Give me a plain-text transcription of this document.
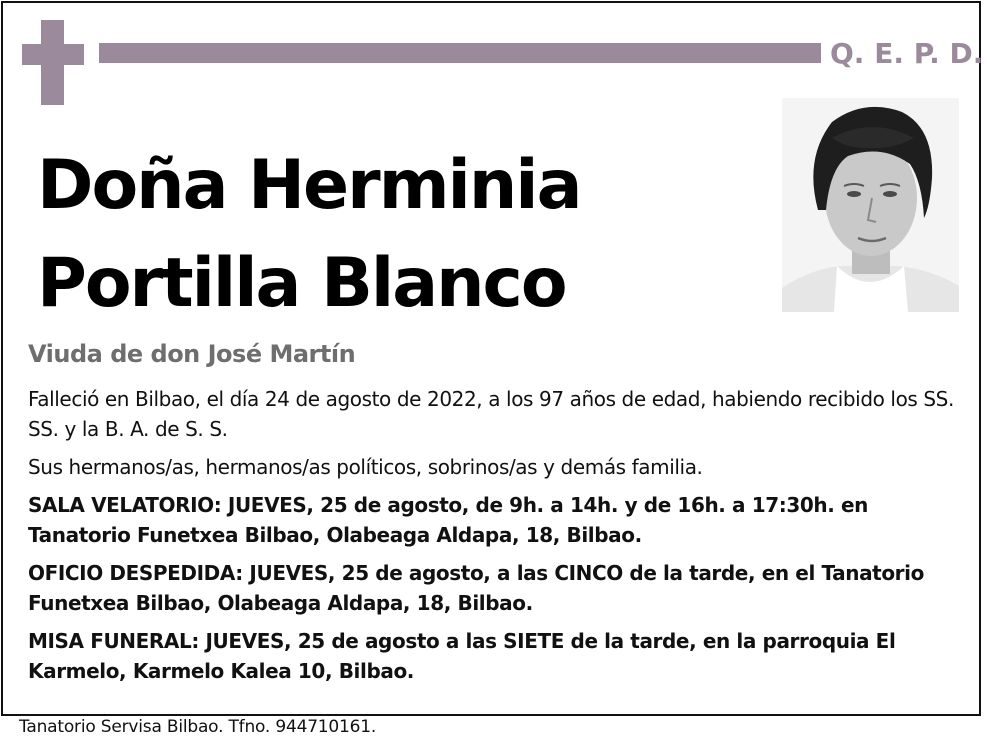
Q. E. P. D.
Doña Herminia
Portilla Blanco
Viuda de don José Martín

Falleció en Bilbao, el día 24 de agosto de 2022, a los 97 años de edad, habiendo recibido los SS. SS. y la B. A. de S. S.

Sus hermanos/as, hermanos/as políticos, sobrinos/as y demás familia.

SALA VELATORIO: JUEVES, 25 de agosto, de 9h. a 14h. y de 16h. a 17:30h. en Tanatorio Funetxea Bilbao, Olabeaga Aldapa, 18, Bilbao.

OFICIO DESPEDIDA: JUEVES, 25 de agosto, a las CINCO de la tarde, en el Tanatorio Funetxea Bilbao, Olabeaga Aldapa, 18, Bilbao.

MISA FUNERAL: JUEVES, 25 de agosto a las SIETE de la tarde, en la parroquia El Karmelo, Karmelo Kalea 10, Bilbao.

Tanatorio Servisa Bilbao. Tfno. 944710161.
